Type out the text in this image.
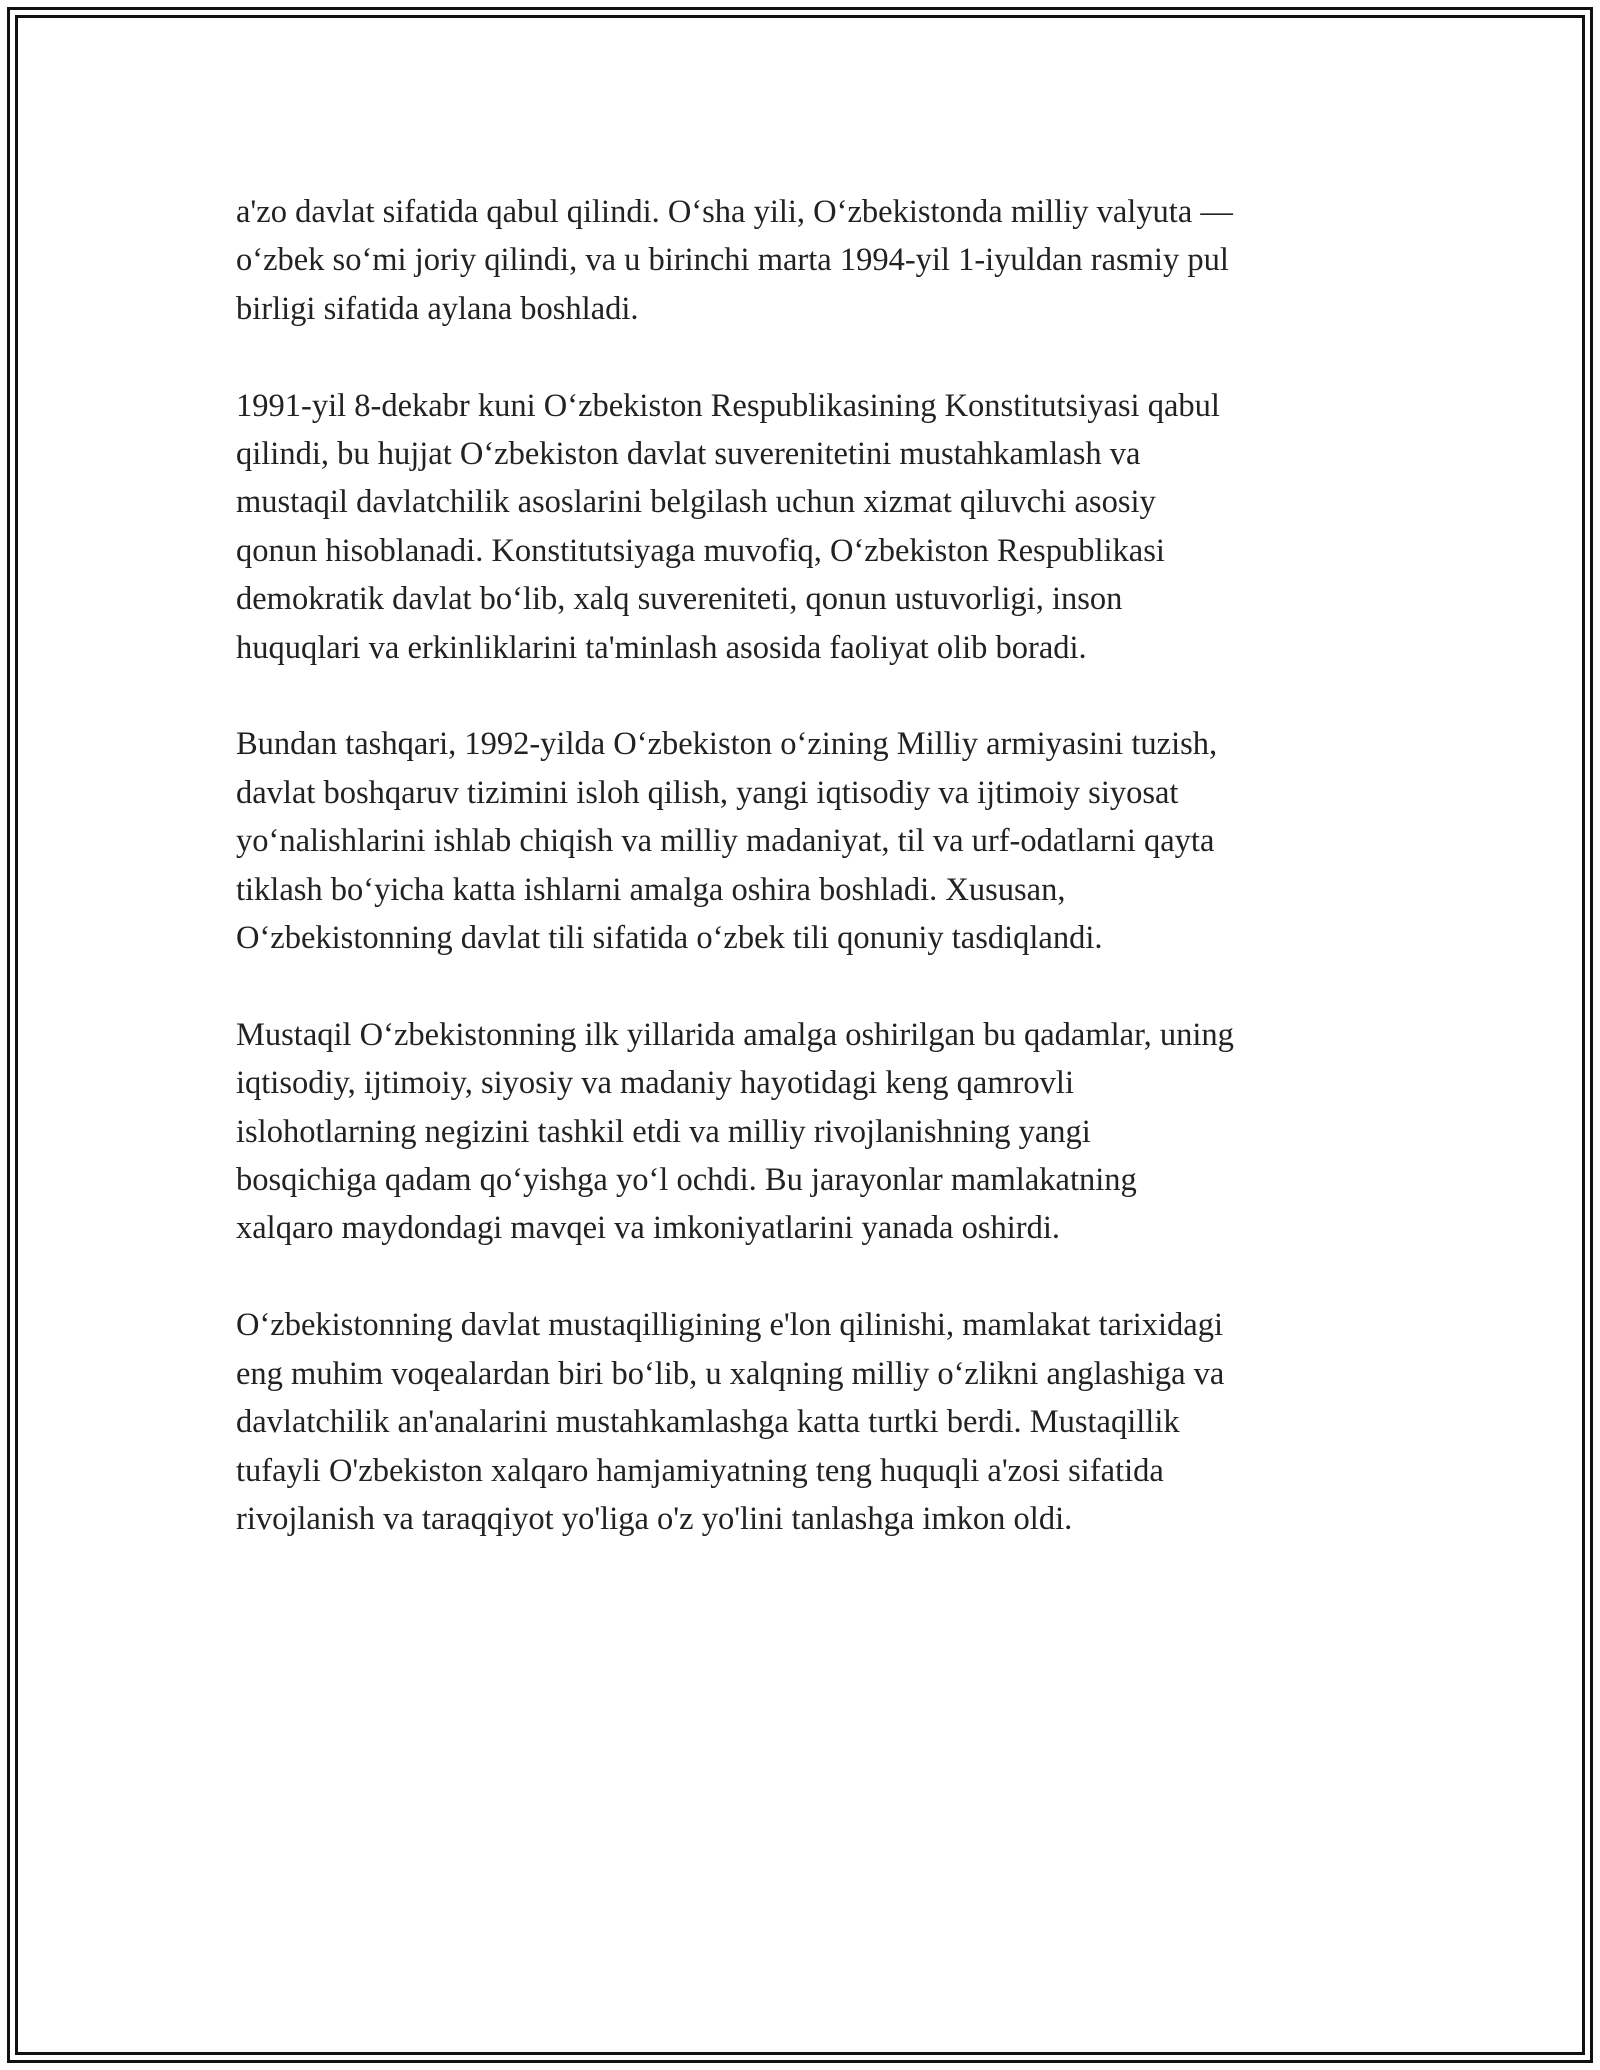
a'zo davlat sifatida qabul qilindi. O‘sha yili, O‘zbekistonda milliy valyuta —
o‘zbek so‘mi joriy qilindi, va u birinchi marta 1994-yil 1-iyuldan rasmiy pul
birligi sifatida aylana boshladi.

1991-yil 8-dekabr kuni O‘zbekiston Respublikasining Konstitutsiyasi qabul
qilindi, bu hujjat O‘zbekiston davlat suverenitetini mustahkamlash va
mustaqil davlatchilik asoslarini belgilash uchun xizmat qiluvchi asosiy
qonun hisoblanadi. Konstitutsiyaga muvofiq, O‘zbekiston Respublikasi
demokratik davlat bo‘lib, xalq suvereniteti, qonun ustuvorligi, inson
huquqlari va erkinliklarini ta'minlash asosida faoliyat olib boradi.

Bundan tashqari, 1992-yilda O‘zbekiston o‘zining Milliy armiyasini tuzish,
davlat boshqaruv tizimini isloh qilish, yangi iqtisodiy va ijtimoiy siyosat
yo‘nalishlarini ishlab chiqish va milliy madaniyat, til va urf-odatlarni qayta
tiklash bo‘yicha katta ishlarni amalga oshira boshladi. Xususan,
O‘zbekistonning davlat tili sifatida o‘zbek tili qonuniy tasdiqlandi.

Mustaqil O‘zbekistonning ilk yillarida amalga oshirilgan bu qadamlar, uning
iqtisodiy, ijtimoiy, siyosiy va madaniy hayotidagi keng qamrovli
islohotlarning negizini tashkil etdi va milliy rivojlanishning yangi
bosqichiga qadam qo‘yishga yo‘l ochdi. Bu jarayonlar mamlakatning
xalqaro maydondagi mavqei va imkoniyatlarini yanada oshirdi.

O‘zbekistonning davlat mustaqilligining e'lon qilinishi, mamlakat tarixidagi
eng muhim voqealardan biri bo‘lib, u xalqning milliy o‘zlikni anglashiga va
davlatchilik an'analarini mustahkamlashga katta turtki berdi. Mustaqillik
tufayli O'zbekiston xalqaro hamjamiyatning teng huquqli a'zosi sifatida
rivojlanish va taraqqiyot yo'liga o'z yo'lini tanlashga imkon oldi.
